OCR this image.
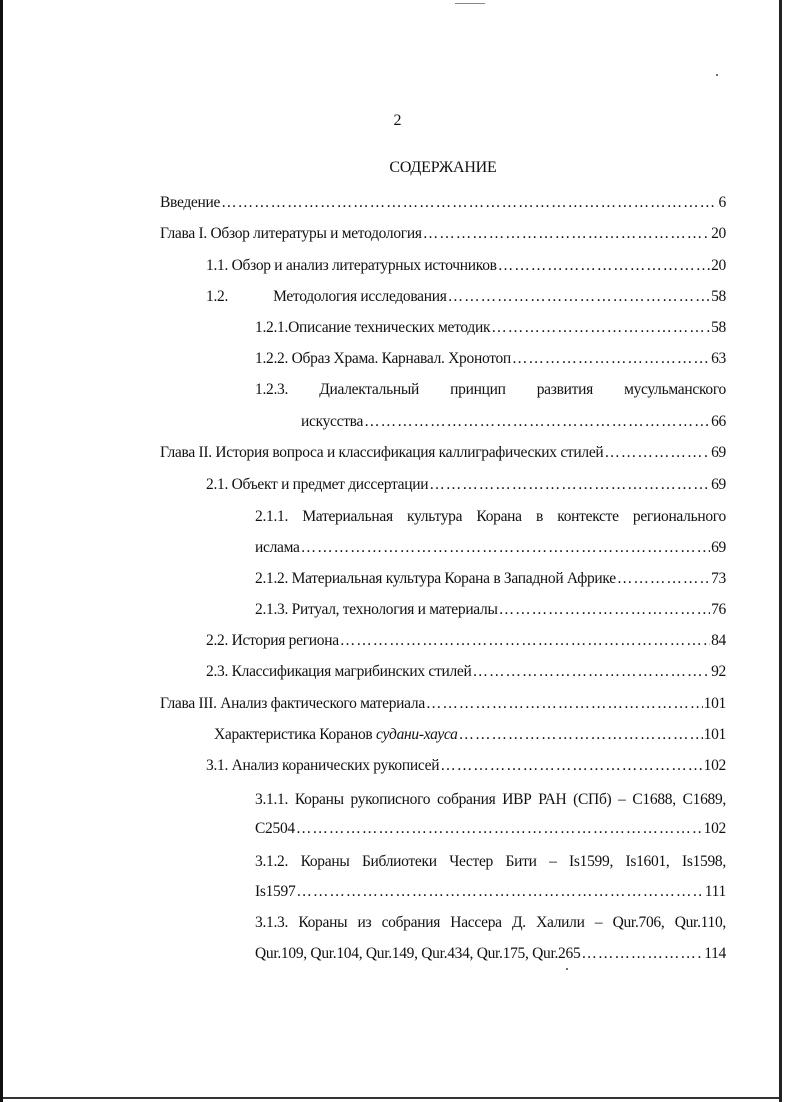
2
СОДЕРЖАНИЕ
Введение …………………………………………………………………………………………………………………………………………………………………………………………	6
Глава I. Обзор литературы и методология …………………………………………………………………………………………………………………………………………………………………………………………	20
1.1. Обзор и анализ литературных источников …………………………………………………………………………………………………………………………………………………………………………………………	20
1.2.	Методология исследования …………………………………………………………………………………………………………………………………………………………………………………………	58
1.2.1.Описание технических методик …………………………………………………………………………………………………………………………………………………………………………………………	58
1.2.2. Образ Храма. Карнавал. Хронотоп …………………………………………………………………………………………………………………………………………………………………………………………	63
1.2.3. Диалектальный принцип развития мусульманского
искусства …………………………………………………………………………………………………………………………………………………………………………………………	66
Глава II. История вопроса и классификация каллиграфических стилей …………………………………………………………………………………………………………………………………………………………………………………………	69
2.1. Объект и предмет диссертации …………………………………………………………………………………………………………………………………………………………………………………………	69
2.1.1. Материальная культура Корана в контексте регионального
ислама …………………………………………………………………………………………………………………………………………………………………………………………	69
2.1.2. Материальная культура Корана в Западной Африке …………………………………………………………………………………………………………………………………………………………………………………………	73
2.1.3. Ритуал, технология и материалы …………………………………………………………………………………………………………………………………………………………………………………………	76
2.2. История региона …………………………………………………………………………………………………………………………………………………………………………………………	84
2.3. Классификация магрибинских стилей …………………………………………………………………………………………………………………………………………………………………………………………	92
Глава III. Анализ фактического материала …………………………………………………………………………………………………………………………………………………………………………………………	101
Характеристика Коранов судани-хауса …………………………………………………………………………………………………………………………………………………………………………………………	101
3.1. Анализ коранических рукописей …………………………………………………………………………………………………………………………………………………………………………………………	102
3.1.1. Кораны рукописного собрания ИВР РАН (СПб) – С1688, С1689,
С2504 …………………………………………………………………………………………………………………………………………………………………………………………	102
3.1.2. Кораны Библиотеки Честер Бити – Is1599, Is1601, Is1598,
Is1597 …………………………………………………………………………………………………………………………………………………………………………………………	111
3.1.3. Кораны из собрания Нассера Д. Халили – Qur.706, Qur.110,
Qur.109, Qur.104, Qur.149, Qur.434, Qur.175, Qur.265 …………………………………………………………………………………………………………………………………………………………………………………………	114
